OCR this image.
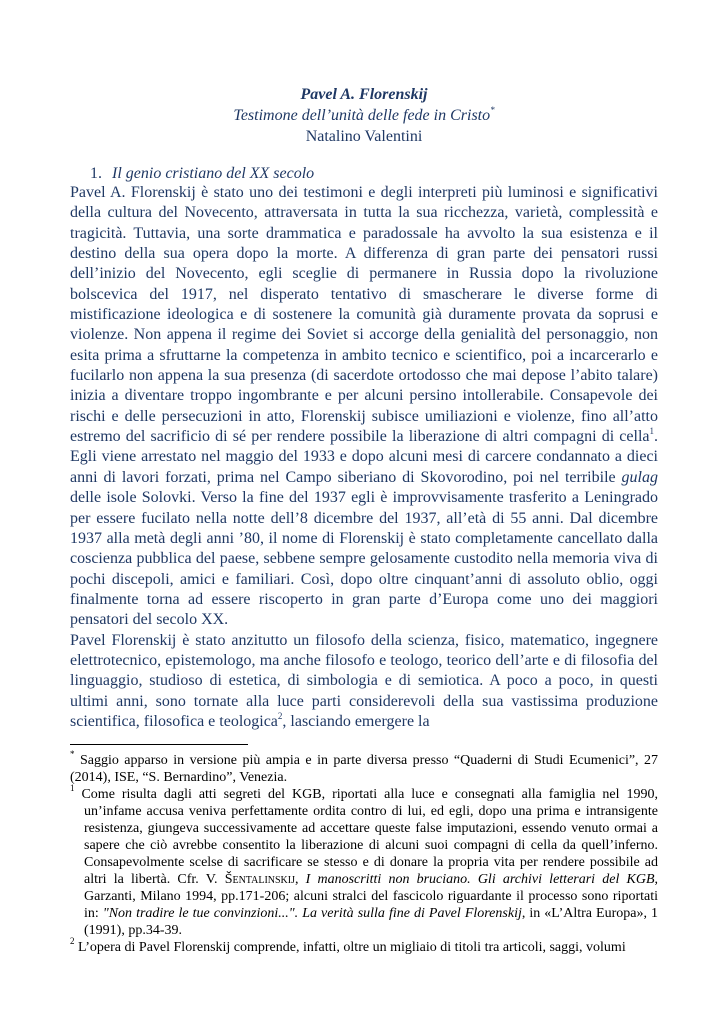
Pavel A. Florenskij
Testimone dell’unità delle fede in Cristo*
Natalino Valentini
1. Il genio cristiano del XX secolo

Pavel A. Florenskij è stato uno dei testimoni e degli interpreti più luminosi e significativi della cultura del Novecento, attraversata in tutta la sua ricchezza, varietà, complessità e tragicità. Tuttavia, una sorte drammatica e paradossale ha avvolto la sua esistenza e il destino della sua opera dopo la morte. A differenza di gran parte dei pensatori russi dell’inizio del Novecento, egli sceglie di permanere in Russia dopo la rivoluzione bolscevica del 1917, nel disperato tentativo di smascherare le diverse forme di mistificazione ideologica e di sostenere la comunità già duramente provata da soprusi e violenze. Non appena il regime dei Soviet si accorge della genialità del personaggio, non esita prima a sfruttarne la competenza in ambito tecnico e scientifico, poi a incarcerarlo e fucilarlo non appena la sua presenza (di sacerdote ortodosso che mai depose l’abito talare) inizia a diventare troppo ingombrante e per alcuni persino intollerabile. Consapevole dei rischi e delle persecuzioni in atto, Florenskij subisce umiliazioni e violenze, fino all’atto estremo del sacrificio di sé per rendere possibile la liberazione di altri compagni di cella$^1$. Egli viene arrestato nel maggio del 1933 e dopo alcuni mesi di carcere condannato a dieci anni di lavori forzati, prima nel Campo siberiano di Skovorodino, poi nel terribile gulag delle isole Solovki. Verso la fine del 1937 egli è improvvisamente trasferito a Leningrado per essere fucilato nella notte dell’8 dicembre del 1937, all’età di 55 anni. Dal dicembre 1937 alla metà degli anni ’80, il nome di Florenskij è stato completamente cancellato dalla coscienza pubblica del paese, sebbene sempre gelosamente custodito nella memoria viva di pochi discepoli, amici e familiari. Così, dopo oltre cinquant’anni di assoluto oblio, oggi finalmente torna ad essere riscoperto in gran parte d’Europa come uno dei maggiori pensatori del secolo XX.

Pavel Florenskij è stato anzitutto un filosofo della scienza, fisico, matematico, ingegnere elettrotecnico, epistemologo, ma anche filosofo e teologo, teorico dell’arte e di filosofia del linguaggio, studioso di estetica, di simbologia e di semiotica. A poco a poco, in questi ultimi anni, sono tornate alla luce parti considerevoli della sua vastissima produzione scientifica, filosofica e teologica$^2$, lasciando emergere la

* Saggio apparso in versione più ampia e in parte diversa presso “Quaderni di Studi Ecumenici”, 27 (2014), ISE, “S. Bernardino”, Venezia.

$^1$ Come risulta dagli atti segreti del KGB, riportati alla luce e consegnati alla famiglia nel 1990, un’infame accusa veniva perfettamente ordita contro di lui, ed egli, dopo una prima e intransigente resistenza, giungeva successivamente ad accettare queste false imputazioni, essendo venuto ormai a sapere che ciò avrebbe consentito la liberazione di alcuni suoi compagni di cella da quell’inferno. Consapevolmente scelse di sacrificare se stesso e di donare la propria vita per rendere possibile ad altri la libertà. Cfr. V. Šentalinskij, I manoscritti non bruciano. Gli archivi letterari del KGB, Garzanti, Milano 1994, pp.171-206; alcuni stralci del fascicolo riguardante il processo sono riportati in: "Non tradire le tue convinzioni...". La verità sulla fine di Pavel Florenskij, in «L’Altra Europa», 1 (1991), pp.34-39.

$^2$ L’opera di Pavel Florenskij comprende, infatti, oltre un migliaio di titoli tra articoli, saggi, volumi
